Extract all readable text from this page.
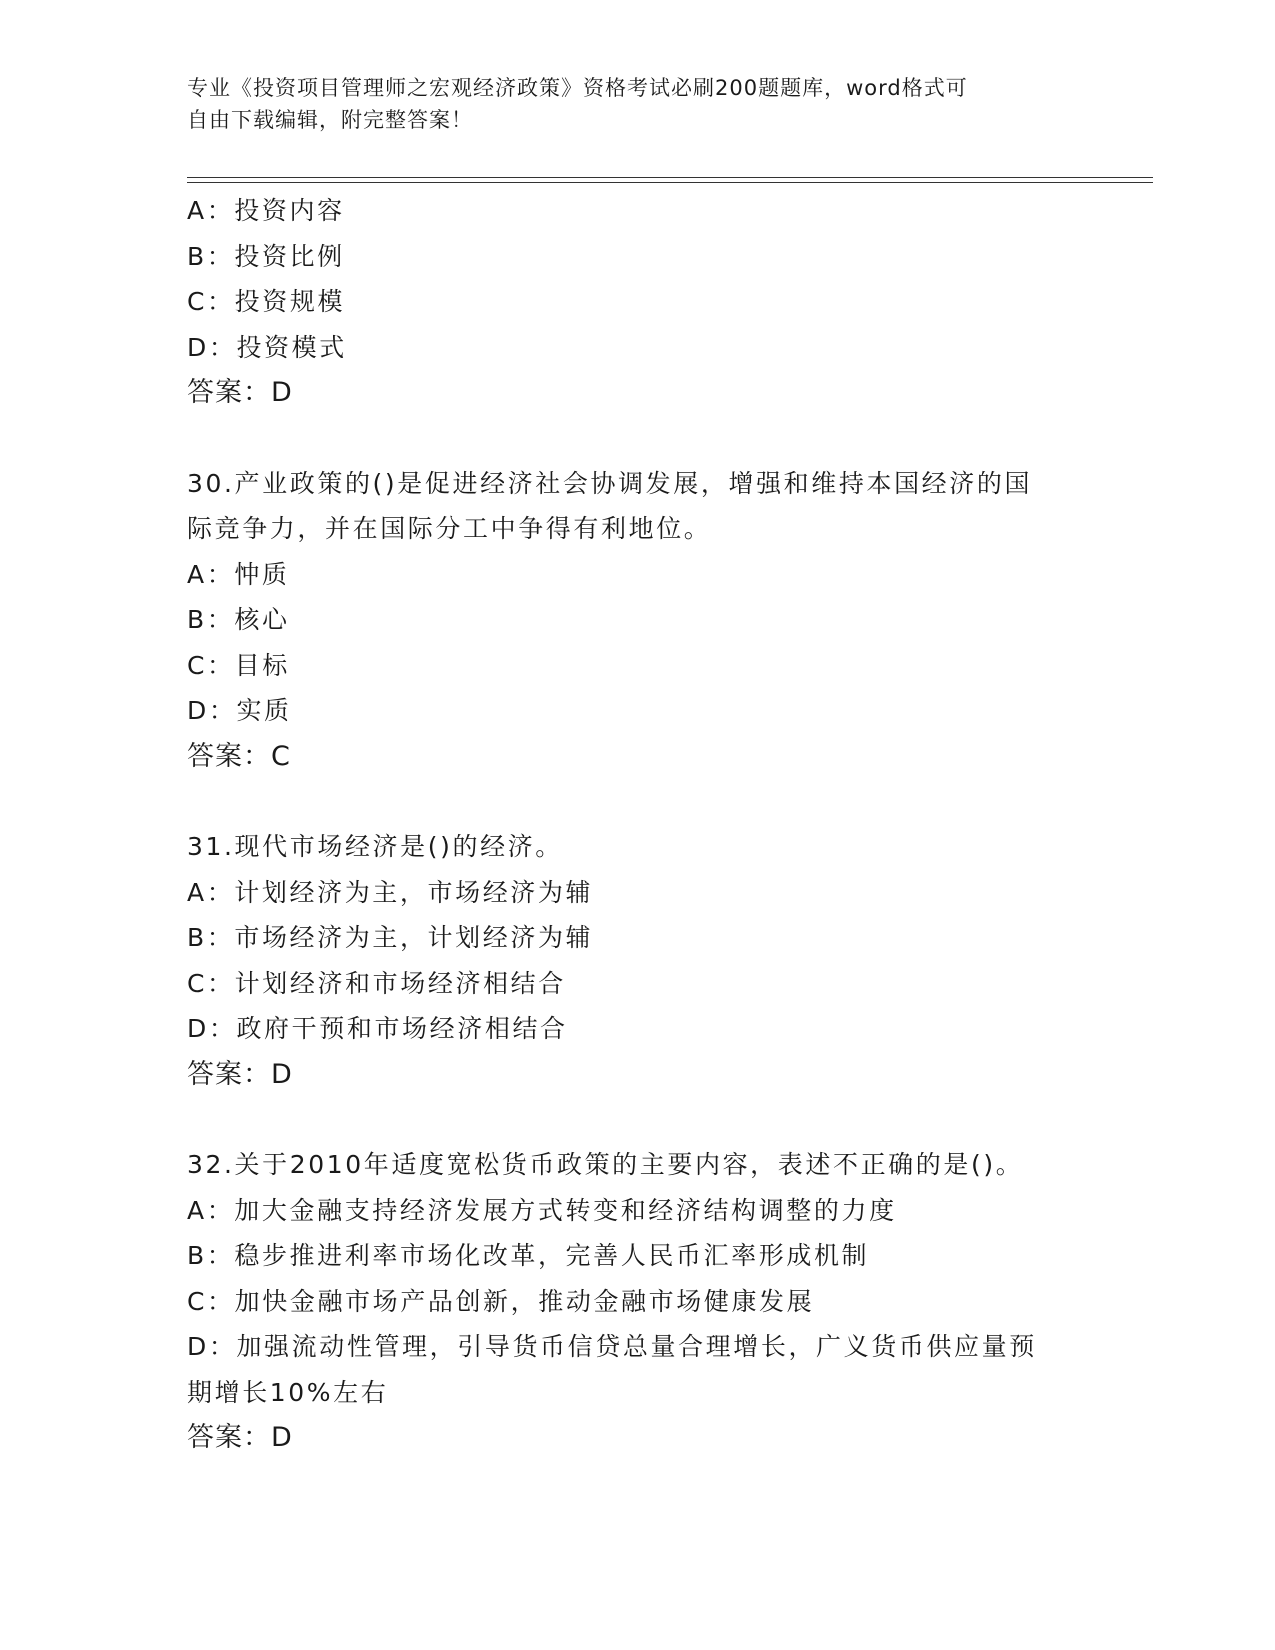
专业《投资项目管理师之宏观经济政策》资格考试必刷200题题库，word格式可
自由下载编辑，附完整答案！
A：投资内容
B：投资比例
C：投资规模
D：投资模式
答案：D
30.产业政策的()是促进经济社会协调发展，增强和维持本国经济的国
际竞争力，并在国际分工中争得有利地位。
A：忡质
B：核心
C：目标
D：实质
答案：C
31.现代市场经济是()的经济。
A：计划经济为主，市场经济为辅
B：市场经济为主，计划经济为辅
C：计划经济和市场经济相结合
D：政府干预和市场经济相结合
答案：D
32.关于2010年适度宽松货币政策的主要内容，表述不正确的是()。
A：加大金融支持经济发展方式转变和经济结构调整的力度
B：稳步推进利率市场化改革，完善人民币汇率形成机制
C：加快金融市场产品创新，推动金融市场健康发展
D：加强流动性管理，引导货币信贷总量合理增长，广义货币供应量预
期增长10%左右
答案：D
